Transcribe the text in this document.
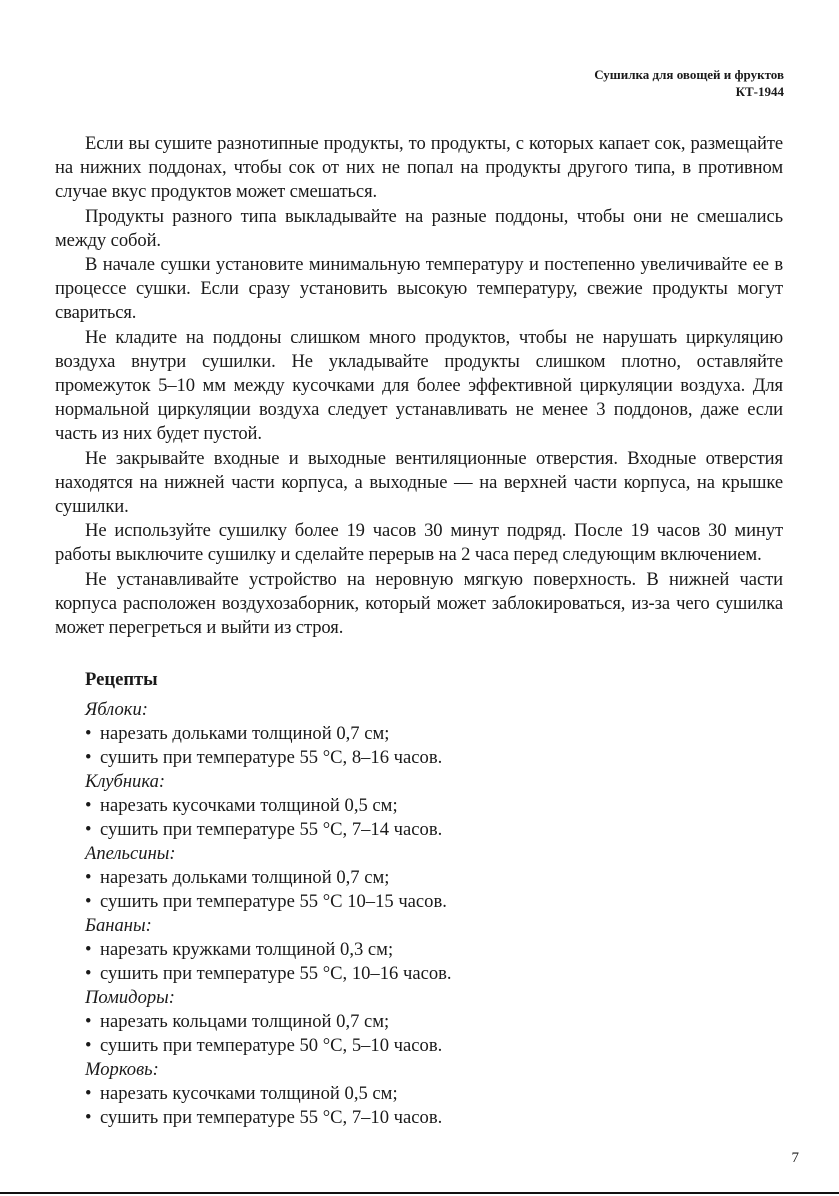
Сушилка для овощей и фруктов
КТ-1944

Если вы сушите разнотипные продукты, то продукты, с которых капает сок, размещайте на нижних поддонах, чтобы сок от них не попал на продукты другого типа, в противном случае вкус продуктов может смешаться.

Продукты разного типа выкладывайте на разные поддоны, чтобы они не смешались между собой.

В начале сушки установите минимальную температуру и постепенно увеличивайте ее в процессе сушки. Если сразу установить высокую температуру, свежие продукты могут свариться.

Не кладите на поддоны слишком много продуктов, чтобы не нарушать циркуляцию воздуха внутри сушилки. Не укладывайте продукты слишком плотно, оставляйте промежуток 5–10 мм между кусочками для более эффективной циркуляции воздуха. Для нормальной циркуляции воздуха следует устанавливать не менее 3 поддонов, даже если часть из них будет пустой.

Не закрывайте входные и выходные вентиляционные отверстия. Входные отверстия находятся на нижней части корпуса, а выходные — на верхней части корпуса, на крышке сушилки.

Не используйте сушилку более 19 часов 30 минут подряд. После 19 часов 30 минут работы выключите сушилку и сделайте перерыв на 2 часа перед следующим включением.

Не устанавливайте устройство на неровную мягкую поверхность. В нижней части корпуса расположен воздухозаборник, который может заблокироваться, из-за чего сушилка может перегреться и выйти из строя.

Рецепты

Яблоки:

• нарезать дольками толщиной 0,7 см;
• сушить при температуре 55 °С, 8–16 часов.

Клубника:

• нарезать кусочками толщиной 0,5 см;
• сушить при температуре 55 °С, 7–14 часов.

Апельсины:

• нарезать дольками толщиной 0,7 см;
• сушить при температуре 55 °С 10–15 часов.

Бананы:

• нарезать кружками толщиной 0,3 см;
• сушить при температуре 55 °С, 10–16 часов.

Помидоры:

• нарезать кольцами толщиной 0,7 см;
• сушить при температуре 50 °С, 5–10 часов.

Морковь:

• нарезать кусочками толщиной 0,5 см;
• сушить при температуре 55 °С, 7–10 часов.
7
